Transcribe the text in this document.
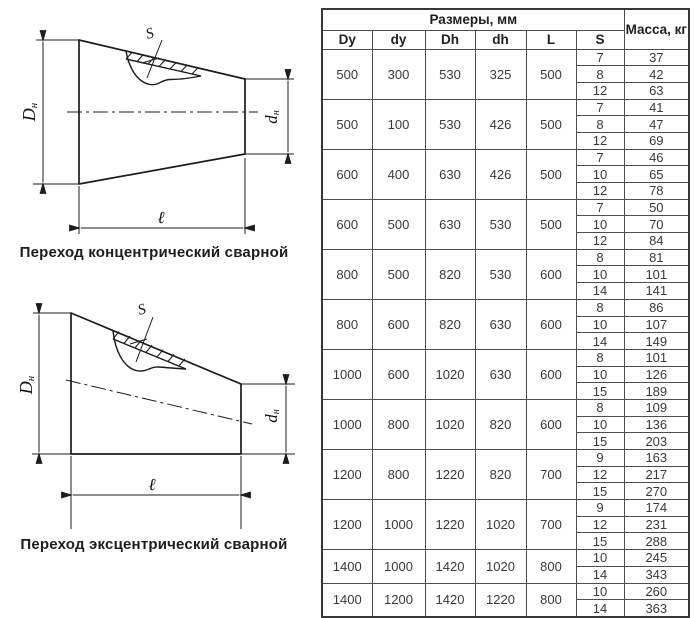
S
Dн
dн
ℓ
Переход концентрический сварной
S
Dн
dн
ℓ
Переход эксцентрический сварной
Размеры, мм						Масса, кг
Dy	dy	Dh	dh	L	S	
500	300	530	325	500	7	37
					8	42
					12	63
500	100	530	426	500	7	41
					8	47
					12	69
600	400	630	426	500	7	46
					10	65
					12	78
600	500	630	530	500	7	50
					10	70
					12	84
800	500	820	530	600	8	81
					10	101
					14	141
800	600	820	630	600	8	86
					10	107
					14	149
1000	600	1020	630	600	8	101
					10	126
					15	189
1000	800	1020	820	600	8	109
					10	136
					15	203
1200	800	1220	820	700	9	163
					12	217
					15	270
1200	1000	1220	1020	700	9	174
					12	231
					15	288
1400	1000	1420	1020	800	10	245
					14	343
1400	1200	1420	1220	800	10	260
					14	363
